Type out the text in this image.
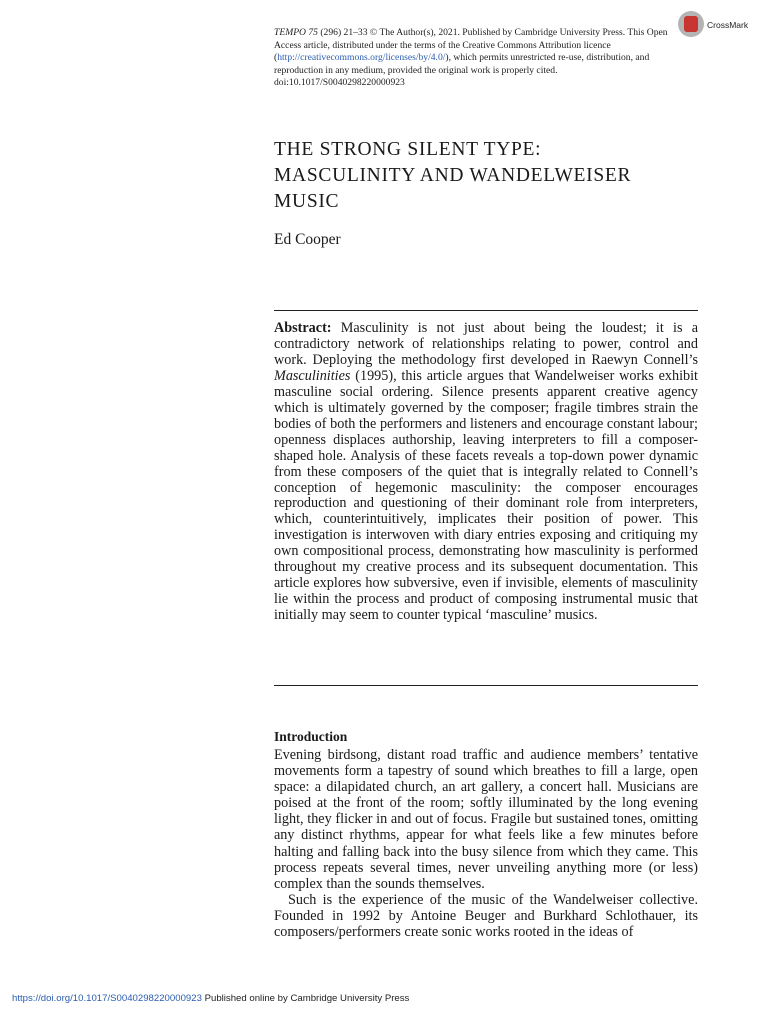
TEMPO 75 (296) 21–33 © The Author(s), 2021. Published by Cambridge University Press. This Open Access article, distributed under the terms of the Creative Commons Attribution licence (http://creativecommons.org/licenses/by/4.0/), which permits unrestricted re-use, distribution, and reproduction in any medium, provided the original work is properly cited.
doi:10.1017/S0040298220000923
CrossMark
THE STRONG SILENT TYPE:
MASCULINITY AND WANDELWEISER
MUSIC
Ed Cooper

Abstract: Masculinity is not just about being the loudest; it is a contradictory network of relationships relating to power, control and work. Deploying the methodology first developed in Raewyn Connell’s Masculinities (1995), this article argues that Wandelweiser works exhibit masculine social ordering. Silence presents apparent creative agency which is ultimately governed by the composer; fragile timbres strain the bodies of both the performers and listeners and encourage constant labour; openness displaces authorship, leaving interpreters to fill a composer-shaped hole. Analysis of these facets reveals a top-down power dynamic from these composers of the quiet that is integrally related to Connell’s conception of hegemonic masculinity: the composer encourages reproduction and questioning of their dominant role from interpreters, which, counterintuitively, implicates their position of power. This investigation is interwoven with diary entries exposing and critiquing my own compositional process, demonstrating how masculinity is performed throughout my creative process and its subsequent documentation. This article explores how subversive, even if invisible, elements of masculinity lie within the process and product of composing instrumental music that initially may seem to counter typical ‘masculine’ musics.

Introduction

Evening birdsong, distant road traffic and audience members’ tentative movements form a tapestry of sound which breathes to fill a large, open space: a dilapidated church, an art gallery, a concert hall. Musicians are poised at the front of the room; softly illuminated by the long evening light, they flicker in and out of focus. Fragile but sustained tones, omitting any distinct rhythms, appear for what feels like a few minutes before halting and falling back into the busy silence from which they came. This process repeats several times, never unveiling anything more (or less) complex than the sounds themselves.

Such is the experience of the music of the Wandelweiser collective. Founded in 1992 by Antoine Beuger and Burkhard Schlothauer, its composers/performers create sonic works rooted in the ideas of

https://doi.org/10.1017/S0040298220000923 Published online by Cambridge University Press
